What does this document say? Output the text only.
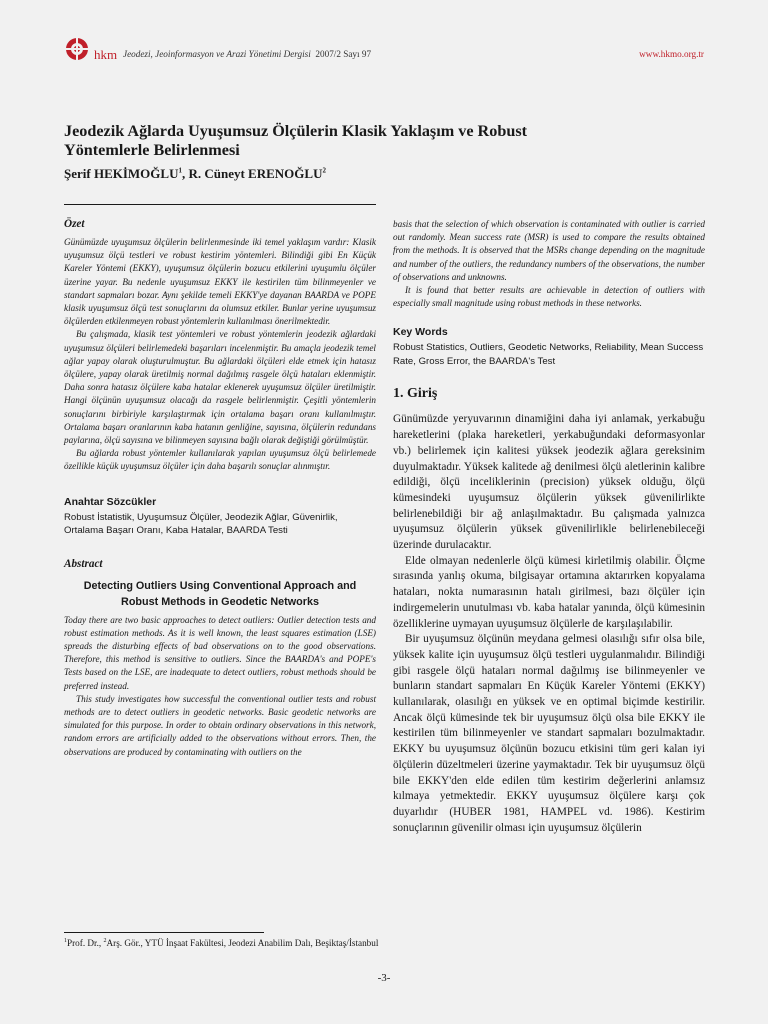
hkm Jeodezi, Jeoinformasyon ve Arazi Yönetimi Dergisi 2007/2 Sayı 97	www.hkmo.org.tr
Jeodezik Ağlarda Uyuşumsuz Ölçülerin Klasik Yaklaşım ve Robust Yöntemlerle Belirlenmesi
Şerif HEKİMOĞLU$^1$, R. Cüneyt ERENOĞLU$^2$
Özet

Günümüzde uyuşumsuz ölçülerin belirlenmesinde iki temel yaklaşım vardır: Klasik uyuşumsuz ölçü testleri ve robust kestirim yöntemleri. Bilindiği gibi En Küçük Kareler Yöntemi (EKKY), uyuşumsuz ölçülerin bozucu etkilerini uyuşumlu ölçüler üzerine yayar. Bu nedenle uyuşumsuz EKKY ile kestirilen tüm bilinmeyenler ve standart sapmaları bozar. Aynı şekilde temeli EKKY'ye dayanan BAARDA ve POPE klasik uyuşumsuz ölçü test sonuçlarını da olumsuz etkiler. Bunlar yerine uyuşumsuz ölçülerden etkilenmeyen robust yöntemlerin kullanılması önerilmektedir.

Bu çalışmada, klasik test yöntemleri ve robust yöntemlerin jeodezik ağlardaki uyuşumsuz ölçüleri belirlemedeki başarıları incelenmiştir. Bu amaçla jeodezik temel ağlar yapay olarak oluşturulmuştur. Bu ağlardaki ölçüleri elde etmek için hatasız ölçülere, yapay olarak üretilmiş normal dağılmış rasgele ölçü hataları eklenmiştir. Daha sonra hatasız ölçülere kaba hatalar eklenerek uyuşumsuz ölçüler üretilmiştir. Hangi ölçünün uyuşumsuz olacağı da rasgele belirlenmiştir. Çeşitli yöntemlerin sonuçlarını birbiriyle karşılaştırmak için ortalama başarı oranı kullanılmıştır. Ortalama başarı oranlarının kaba hatanın genliğine, sayısına, ölçülerin redundans paylarına, ölçü sayısına ve bilinmeyen sayısına bağlı olarak değiştiği görülmüştür.

Bu ağlarda robust yöntemler kullanılarak yapılan uyuşumsuz ölçü belirlemede özellikle küçük uyuşumsuz ölçüler için daha başarılı sonuçlar alınmıştır.

Anahtar Sözcükler
Robust İstatistik, Uyuşumsuz Ölçüler, Jeodezik Ağlar, Güvenirlik, Ortalama Başarı Oranı, Kaba Hatalar, BAARDA Testi
Abstract
Detecting Outliers Using Conventional Approach and Robust Methods in Geodetic Networks

Today there are two basic approaches to detect outliers: Outlier detection tests and robust estimation methods. As it is well known, the least squares estimation (LSE) spreads the disturbing effects of bad observations on to the good observations. Therefore, this method is sensitive to outliers. Since the BAARDA's and POPE's Tests based on the LSE, are inadequate to detect outliers, robust methods should be preferred instead.

This study investigates how successful the conventional outlier tests and robust methods are to detect outliers in geodetic networks. Basic geodetic networks are simulated for this purpose. In order to obtain ordinary observations in this network, random errors are artificially added to the observations without errors. Then, the observations are produced by contaminating with outliers on the

basis that the selection of which observation is contaminated with outlier is carried out randomly. Mean success rate (MSR) is used to compare the results obtained from the methods. It is observed that the MSRs change depending on the magnitude and number of the outliers, the redundancy numbers of the observations, the number of observations and unknowns.

It is found that better results are achievable in detection of outliers with especially small magnitude using robust methods in these networks.

Key Words
Robust Statistics, Outliers, Geodetic Networks, Reliability, Mean Success Rate, Gross Error, the BAARDA's Test
1. Giriş

Günümüzde yeryuvarının dinamiğini daha iyi anlamak, yerkabuğu hareketlerini (plaka hareketleri, yerkabuğundaki deformasyonlar vb.) belirlemek için kalitesi yüksek jeodezik ağlara gereksinim duyulmaktadır. Yüksek kalitede ağ denilmesi ölçü aletlerinin kalibre edildiği, ölçü inceliklerinin (precision) yüksek olduğu, ölçü kümesindeki uyuşumsuz ölçülerin yüksek güvenilirlikte belirlenebildiği bir ağ anlaşılmaktadır. Bu çalışmada yalnızca uyuşumsuz ölçülerin yüksek güvenilirlikle belirlenebileceği üzerinde durulacaktır.

Elde olmayan nedenlerle ölçü kümesi kirletilmiş olabilir. Ölçme sırasında yanlış okuma, bilgisayar ortamına aktarırken kopyalama hataları, nokta numarasının hatalı girilmesi, bazı ölçüler için indirgemelerin unutulması vb. kaba hatalar yanında, ölçü kümesinin özelliklerine uymayan uyuşumsuz ölçülerle de karşılaşılabilir.

Bir uyuşumsuz ölçünün meydana gelmesi olasılığı sıfır olsa bile, yüksek kalite için uyuşumsuz ölçü testleri uygulanmalıdır. Bilindiği gibi rasgele ölçü hataları normal dağılmış ise bilinmeyenler ve bunların standart sapmaları En Küçük Kareler Yöntemi (EKKY) kullanılarak, olasılığı en yüksek ve en optimal biçimde kestirilir. Ancak ölçü kümesinde tek bir uyuşumsuz ölçü olsa bile EKKY ile kestirilen tüm bilinmeyenler ve standart sapmaları bozulmaktadır. EKKY bu uyuşumsuz ölçünün bozucu etkisini tüm geri kalan iyi ölçülerin düzeltmeleri üzerine yaymaktadır. Tek bir uyuşumsuz ölçü bile EKKY'den elde edilen tüm kestirim değerlerini anlamsız kılmaya yetmektedir. EKKY uyuşumsuz ölçülere karşı çok duyarlıdır (HUBER 1981, HAMPEL vd. 1986). Kestirim sonuçlarının güvenilir olması için uyuşumsuz ölçülerin

$^1$Prof. Dr., $^2$Arş. Gör., YTÜ İnşaat Fakültesi, Jeodezi Anabilim Dalı, Beşiktaş/İstanbul
-3-
